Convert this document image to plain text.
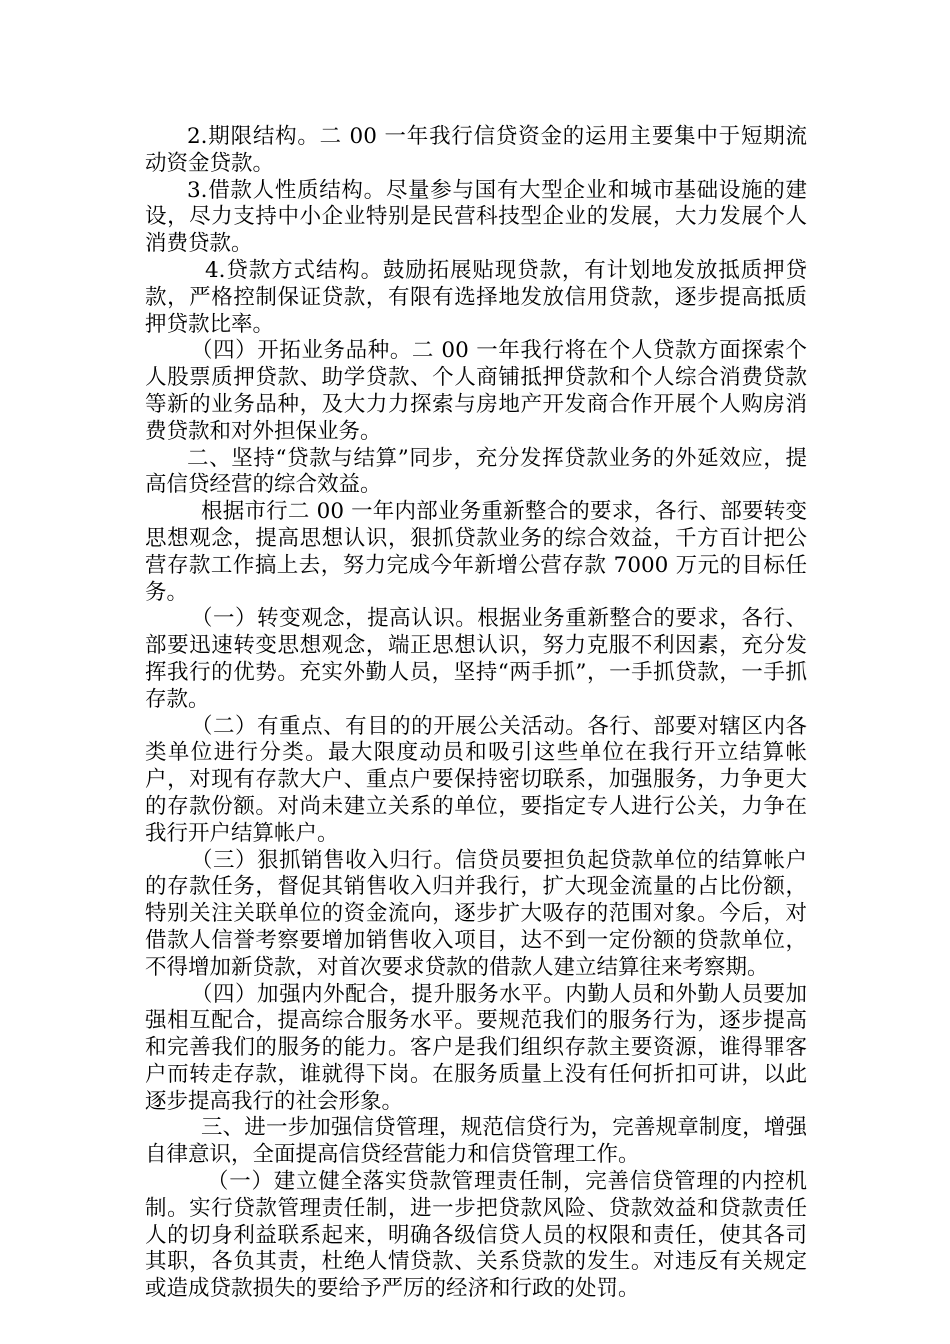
2.期限结构。二 00 一年我行信贷资金的运用主要集中于短期流动资金贷款。

3.借款人性质结构。尽量参与国有大型企业和城市基础设施的建设，尽力支持中小企业特别是民营科技型企业的发展，大力发展个人消费贷款。

4.贷款方式结构。鼓励拓展贴现贷款，有计划地发放抵质押贷款，严格控制保证贷款，有限有选择地发放信用贷款，逐步提高抵质押贷款比率。

（四）开拓业务品种。二 00 一年我行将在个人贷款方面探索个人股票质押贷款、助学贷款、个人商铺抵押贷款和个人综合消费贷款等新的业务品种，及大力力探索与房地产开发商合作开展个人购房消费贷款和对外担保业务。

二、坚持“贷款与结算”同步，充分发挥贷款业务的外延效应，提高信贷经营的综合效益。

根据市行二 00 一年内部业务重新整合的要求，各行、部要转变思想观念，提高思想认识，狠抓贷款业务的综合效益，千方百计把公营存款工作搞上去，努力完成今年新增公营存款 7000 万元的目标任务。

（一）转变观念，提高认识。根据业务重新整合的要求，各行、部要迅速转变思想观念，端正思想认识，努力克服不利因素，充分发挥我行的优势。充实外勤人员，坚持“两手抓”，一手抓贷款，一手抓存款。

（二）有重点、有目的的开展公关活动。各行、部要对辖区内各类单位进行分类。最大限度动员和吸引这些单位在我行开立结算帐户，对现有存款大户、重点户要保持密切联系，加强服务，力争更大的存款份额。对尚未建立关系的单位，要指定专人进行公关，力争在我行开户结算帐户。

（三）狠抓销售收入归行。信贷员要担负起贷款单位的结算帐户的存款任务，督促其销售收入归并我行，扩大现金流量的占比份额，特别关注关联单位的资金流向，逐步扩大吸存的范围对象。今后，对借款人信誉考察要增加销售收入项目，达不到一定份额的贷款单位，不得增加新贷款，对首次要求贷款的借款人建立结算往来考察期。

（四）加强内外配合，提升服务水平。内勤人员和外勤人员要加强相互配合，提高综合服务水平。要规范我们的服务行为，逐步提高和完善我们的服务的能力。客户是我们组织存款主要资源，谁得罪客户而转走存款，谁就得下岗。在服务质量上没有任何折扣可讲，以此逐步提高我行的社会形象。

三、进一步加强信贷管理，规范信贷行为，完善规章制度，增强自律意识，全面提高信贷经营能力和信贷管理工作。

（一）建立健全落实贷款管理责任制，完善信贷管理的内控机制。实行贷款管理责任制，进一步把贷款风险、贷款效益和贷款责任人的切身利益联系起来，明确各级信贷人员的权限和责任，使其各司其职，各负其责，杜绝人情贷款、关系贷款的发生。对违反有关规定或造成贷款损失的要给予严厉的经济和行政的处罚。
